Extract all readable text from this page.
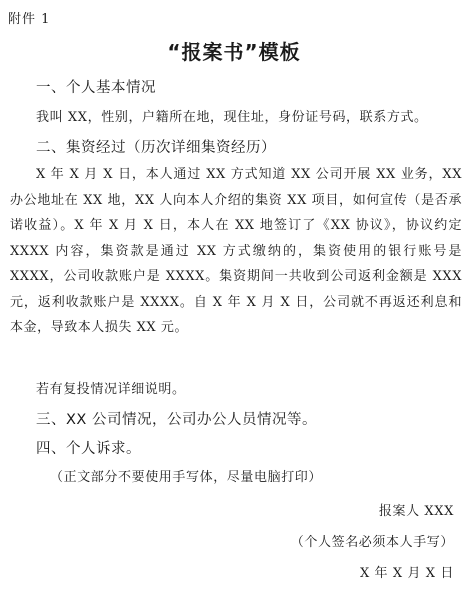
附件 1
“报案书”模板
一、个人基本情况
我叫 XX，性别，户籍所在地，现住址，身份证号码，联系方式。
二、集资经过（历次详细集资经历）
X 年 X 月 X 日，本人通过 XX 方式知道 XX 公司开展 XX 业务，XX 办公地址在 XX 地，XX 人向本人介绍的集资 XX 项目，如何宣传（是否承诺收益）。X 年 X 月 X 日，本人在 XX 地签订了《XX 协议》，协议约定 XXXX 内容，集资款是通过 XX 方式缴纳的，集资使用的银行账号是 XXXX，公司收款账户是 XXXX。集资期间一共收到公司返利金额是 XXX 元，返利收款账户是 XXXX。自 X 年 X 月 X 日，公司就不再返还利息和本金，导致本人损失 XX 元。
若有复投情况详细说明。
三、XX 公司情况，公司办公人员情况等。
四、个人诉求。
（正文部分不要使用手写体，尽量电脑打印）
报案人 XXX
（个人签名必须本人手写）
X 年 X 月 X 日
